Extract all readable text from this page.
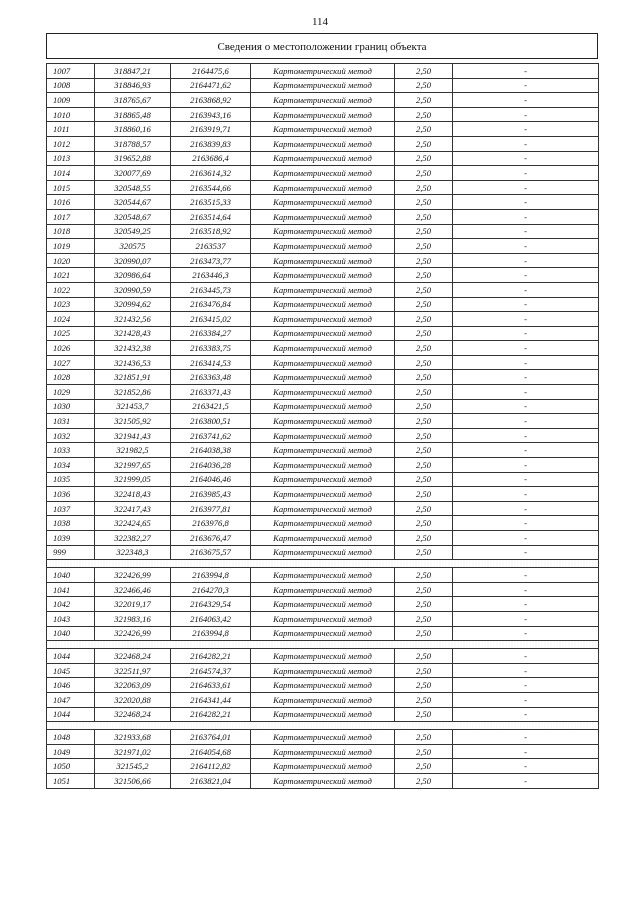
114
Сведения о местоположении границ объекта
1007	318847,21	2164475,6	Картометрический метод	2,50	-
1008	318846,93	2164471,62	Картометрический метод	2,50	-
1009	318765,67	2163868,92	Картометрический метод	2,50	-
1010	318865,48	2163943,16	Картометрический метод	2,50	-
1011	318860,16	2163919,71	Картометрический метод	2,50	-
1012	318788,57	2163839,83	Картометрический метод	2,50	-
1013	319652,88	2163686,4	Картометрический метод	2,50	-
1014	320077,69	2163614,32	Картометрический метод	2,50	-
1015	320548,55	2163544,66	Картометрический метод	2,50	-
1016	320544,67	2163515,33	Картометрический метод	2,50	-
1017	320548,67	2163514,64	Картометрический метод	2,50	-
1018	320549,25	2163518,92	Картометрический метод	2,50	-
1019	320575	2163537	Картометрический метод	2,50	-
1020	320990,07	2163473,77	Картометрический метод	2,50	-
1021	320986,64	2163446,3	Картометрический метод	2,50	-
1022	320990,59	2163445,73	Картометрический метод	2,50	-
1023	320994,62	2163476,84	Картометрический метод	2,50	-
1024	321432,56	2163415,02	Картометрический метод	2,50	-
1025	321428,43	2163384,27	Картометрический метод	2,50	-
1026	321432,38	2163383,75	Картометрический метод	2,50	-
1027	321436,53	2163414,53	Картометрический метод	2,50	-
1028	321851,91	2163363,48	Картометрический метод	2,50	-
1029	321852,86	2163371,43	Картометрический метод	2,50	-
1030	321453,7	2163421,5	Картометрический метод	2,50	-
1031	321505,92	2163800,51	Картометрический метод	2,50	-
1032	321941,43	2163741,62	Картометрический метод	2,50	-
1033	321982,5	2164038,38	Картометрический метод	2,50	-
1034	321997,65	2164036,28	Картометрический метод	2,50	-
1035	321999,05	2164046,46	Картометрический метод	2,50	-
1036	322418,43	2163985,43	Картометрический метод	2,50	-
1037	322417,43	2163977,81	Картометрический метод	2,50	-
1038	322424,65	2163976,8	Картометрический метод	2,50	-
1039	322382,27	2163676,47	Картометрический метод	2,50	-
999	322348,3	2163675,57	Картометрический метод	2,50	-

1040	322426,99	2163994,8	Картометрический метод	2,50	-
1041	322466,46	2164270,3	Картометрический метод	2,50	-
1042	322019,17	2164329,54	Картометрический метод	2,50	-
1043	321983,16	2164063,42	Картометрический метод	2,50	-
1040	322426,99	2163994,8	Картометрический метод	2,50	-

1044	322468,24	2164282,21	Картометрический метод	2,50	-
1045	322511,97	2164574,37	Картометрический метод	2,50	-
1046	322063,09	2164633,61	Картометрический метод	2,50	-
1047	322020,88	2164341,44	Картометрический метод	2,50	-
1044	322468,24	2164282,21	Картометрический метод	2,50	-

1048	321933,68	2163764,01	Картометрический метод	2,50	-
1049	321971,02	2164054,68	Картометрический метод	2,50	-
1050	321545,2	2164112,82	Картометрический метод	2,50	-
1051	321506,66	2163821,04	Картометрический метод	2,50	-
